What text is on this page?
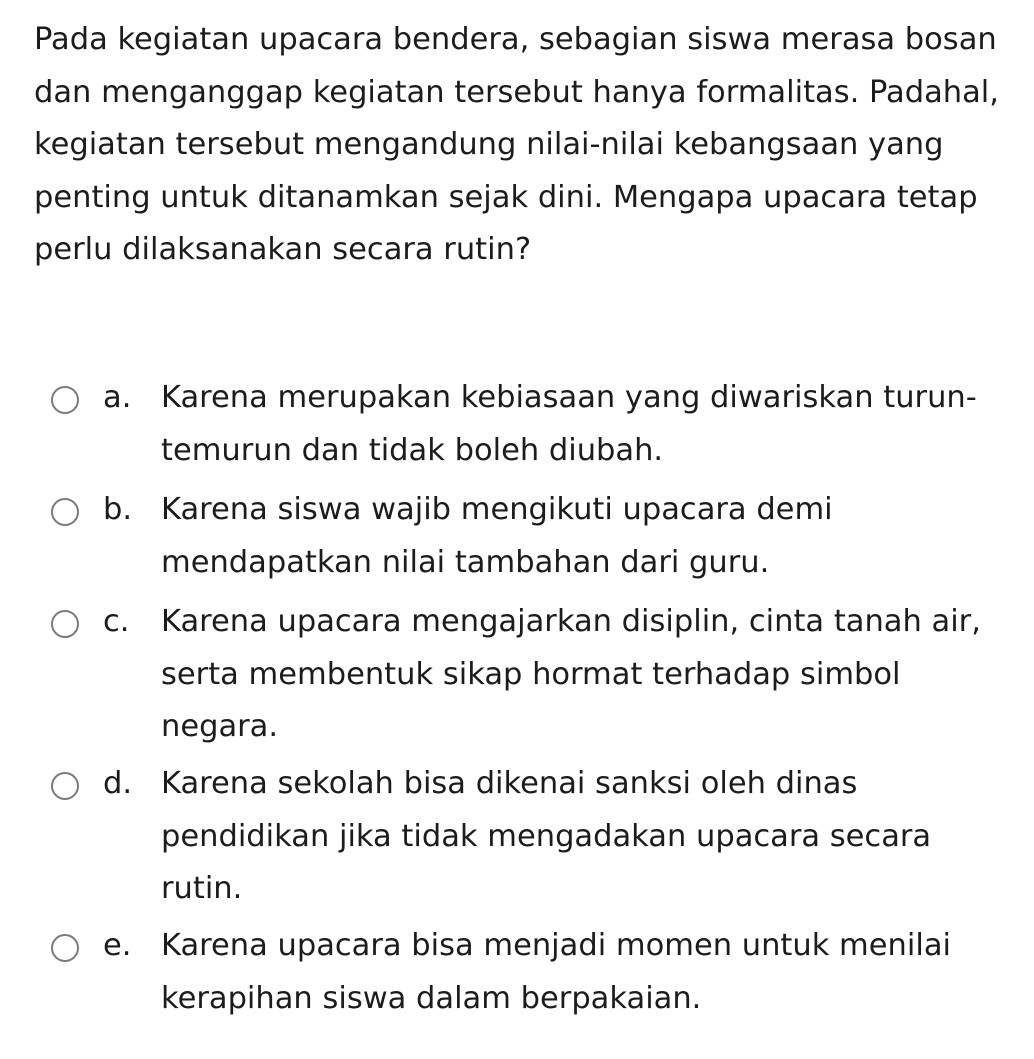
Pada kegiatan upacara bendera, sebagian siswa merasa bosan dan menganggap kegiatan tersebut hanya formalitas. Padahal, kegiatan tersebut mengandung nilai-nilai kebangsaan yang penting untuk ditanamkan sejak dini. Mengapa upacara tetap perlu dilaksanakan secara rutin?

a. Karena merupakan kebiasaan yang diwariskan turun-temurun dan tidak boleh diubah.
b. Karena siswa wajib mengikuti upacara demi mendapatkan nilai tambahan dari guru.
c. Karena upacara mengajarkan disiplin, cinta tanah air, serta membentuk sikap hormat terhadap simbol negara.
d. Karena sekolah bisa dikenai sanksi oleh dinas pendidikan jika tidak mengadakan upacara secara rutin.
e. Karena upacara bisa menjadi momen untuk menilai kerapihan siswa dalam berpakaian.
